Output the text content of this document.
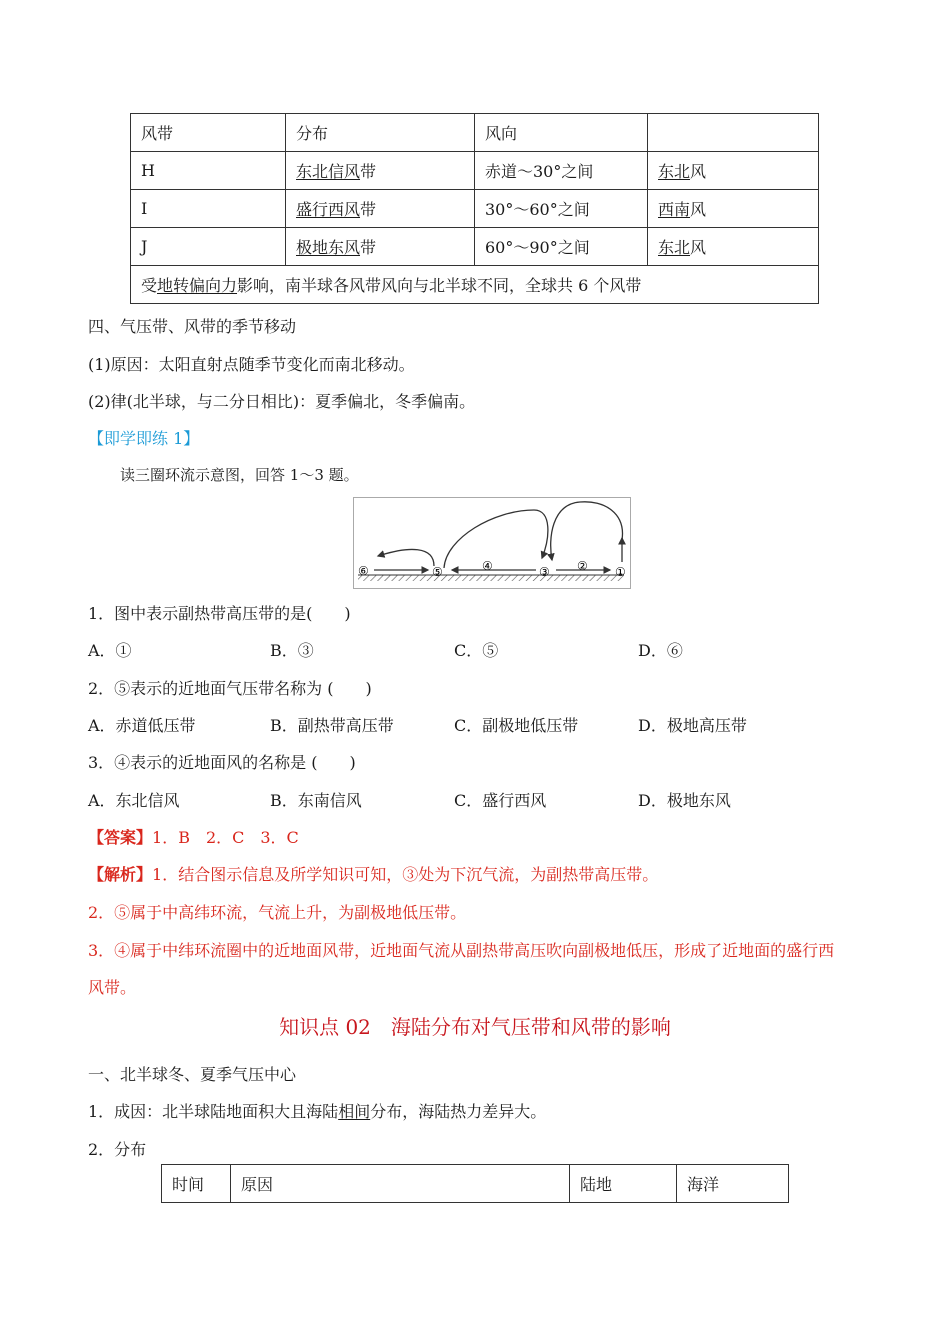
风带	分布	风向	
H	东北信风带	赤道～30°之间	东北风
I	盛行西风带	30°～60°之间	西南风
J	极地东风带	60°～90°之间	东北风
受地转偏向力影响，南半球各风带风向与北半球不同，全球共 6 个风带			
四、气压带、风带的季节移动
(1)原因：太阳直射点随季节变化而南北移动。
(2)律(北半球，与二分日相比)：夏季偏北，冬季偏南。
【即学即练 1】
读三圈环流示意图，回答 1～3 题。
⑥	⑤	④	③ ② ①
1．图中表示副热带高压带的是(　　)
A．①	B．③	C．⑤	D．⑥
2．⑤表示的近地面气压带名称为 (　　)
A．赤道低压带	B．副热带高压带	C．副极地低压带	D．极地高压带
3．④表示的近地面风的名称是 (　　)
A．东北信风	B．东南信风	C．盛行西风	D．极地东风
【答案】1．B　2．C　3．C
【解析】1．结合图示信息及所学知识可知，③处为下沉气流，为副热带高压带。
2．⑤属于中高纬环流，气流上升，为副极地低压带。
3．④属于中纬环流圈中的近地面风带，近地面气流从副热带高压吹向副极地低压，形成了近地面的盛行西
风带。
知识点 02　海陆分布对气压带和风带的影响
一、北半球冬、夏季气压中心
1．成因：北半球陆地面积大且海陆相间分布，海陆热力差异大。
2．分布
时间	原因	陆地	海洋
